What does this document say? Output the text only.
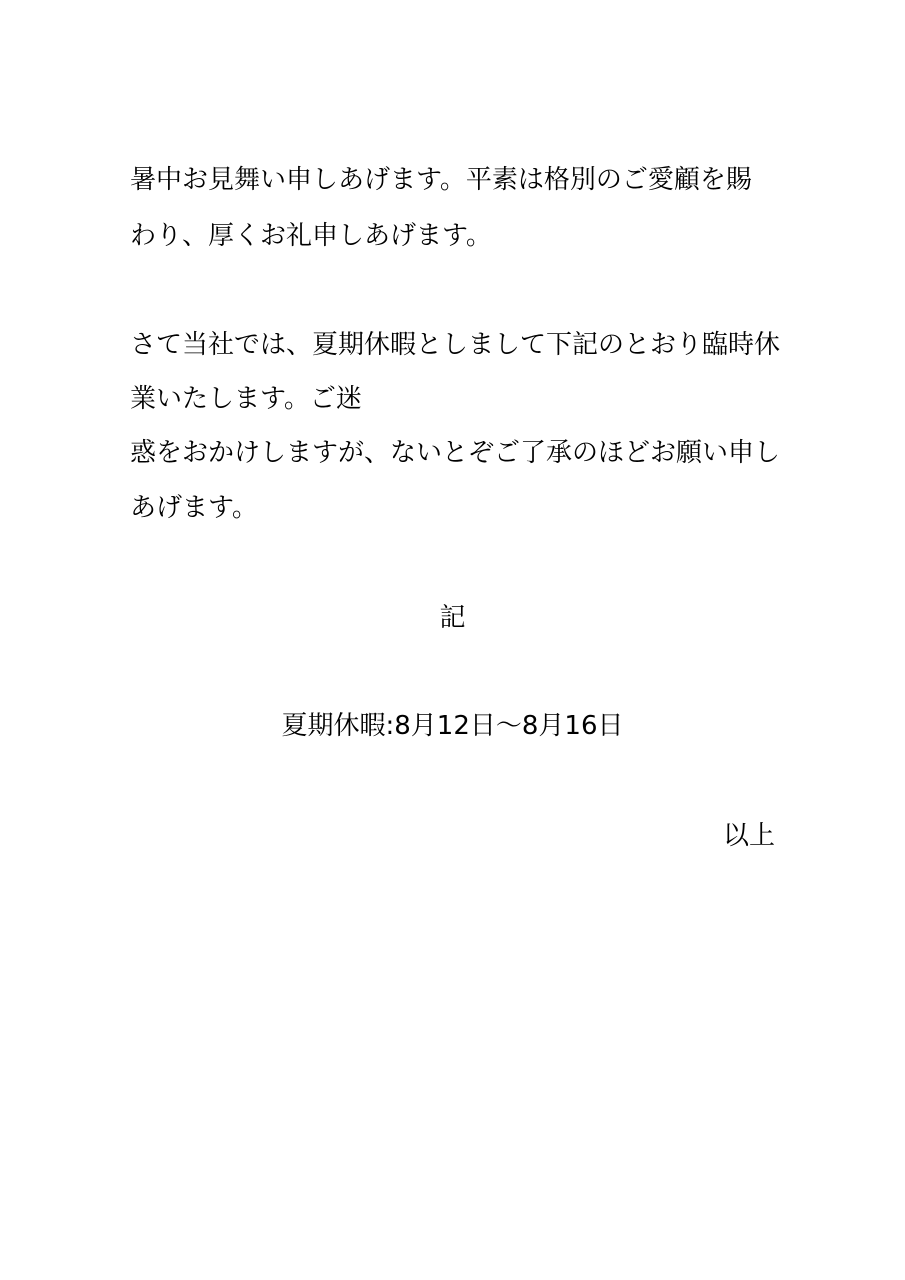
暑中お見舞い申しあげます。平素は格別のご愛顧を賜
わり、厚くお礼申しあげます。
さて当社では、夏期休暇としまして下記のとおり臨時休
業いたします。ご迷
惑をおかけしますが、ないとぞご了承のほどお願い申し
あげます。
記
夏期休暇:8月12日〜8月16日
以上
